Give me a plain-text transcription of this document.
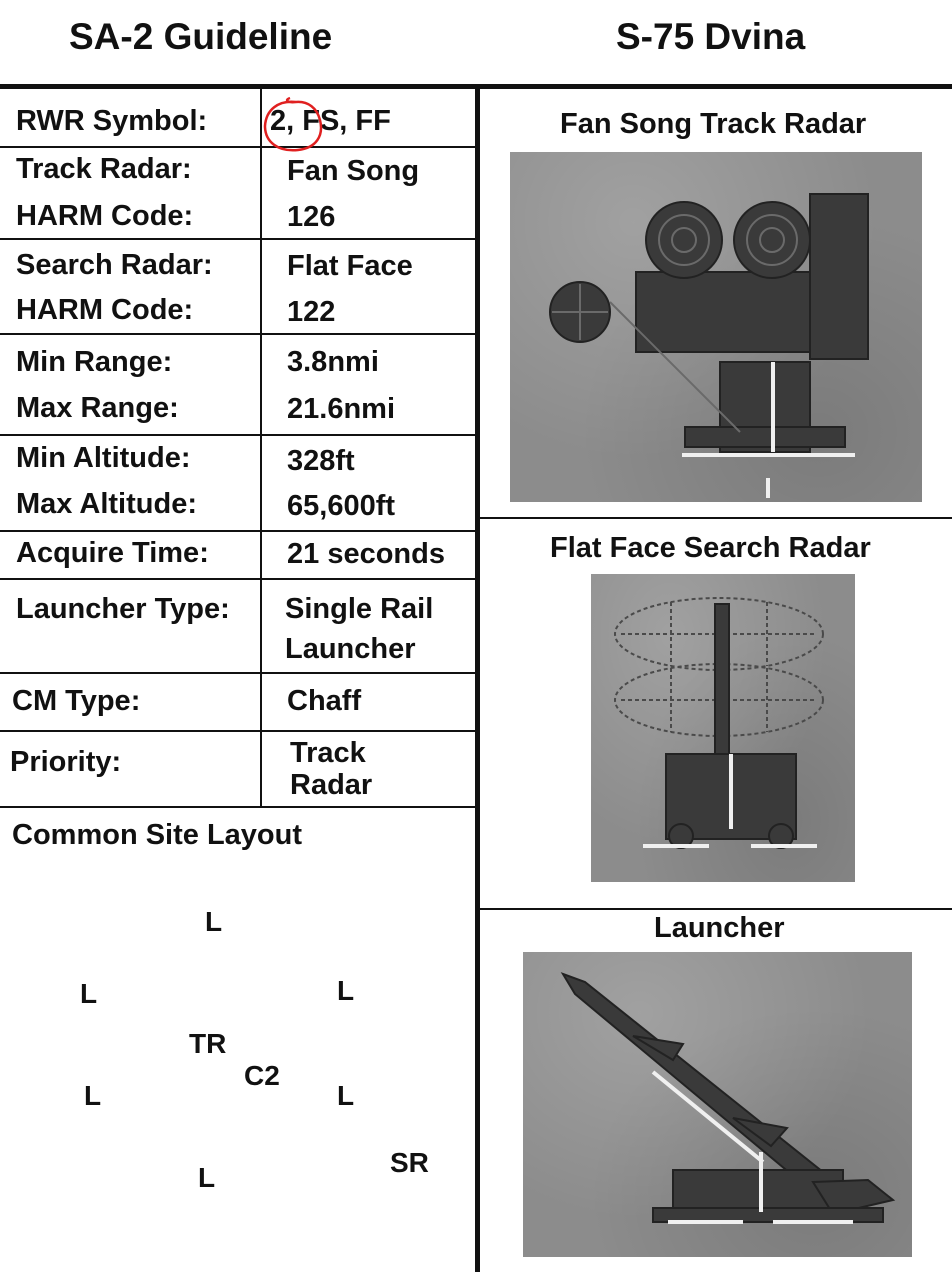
SA-2 Guideline	S-75 Dvina
RWR Symbol: 2, FS, FF
Track Radar:	Fan Song
HARM Code:	126
Search Radar:	Flat Face
HARM Code:	122
Min Range:	3.8nmi
Max Range:	21.6nmi
Min Altitude:	328ft
Max Altitude:	65,600ft
Acquire Time:	21 seconds
Launcher Type: Single Rail
Launcher
CM Type:	Chaff
Priority:	Track
Radar
Common Site Layout
L
L	L
TR
C2
L	L
SR
L
Fan Song Track Radar
Flat Face Search Radar
Launcher
